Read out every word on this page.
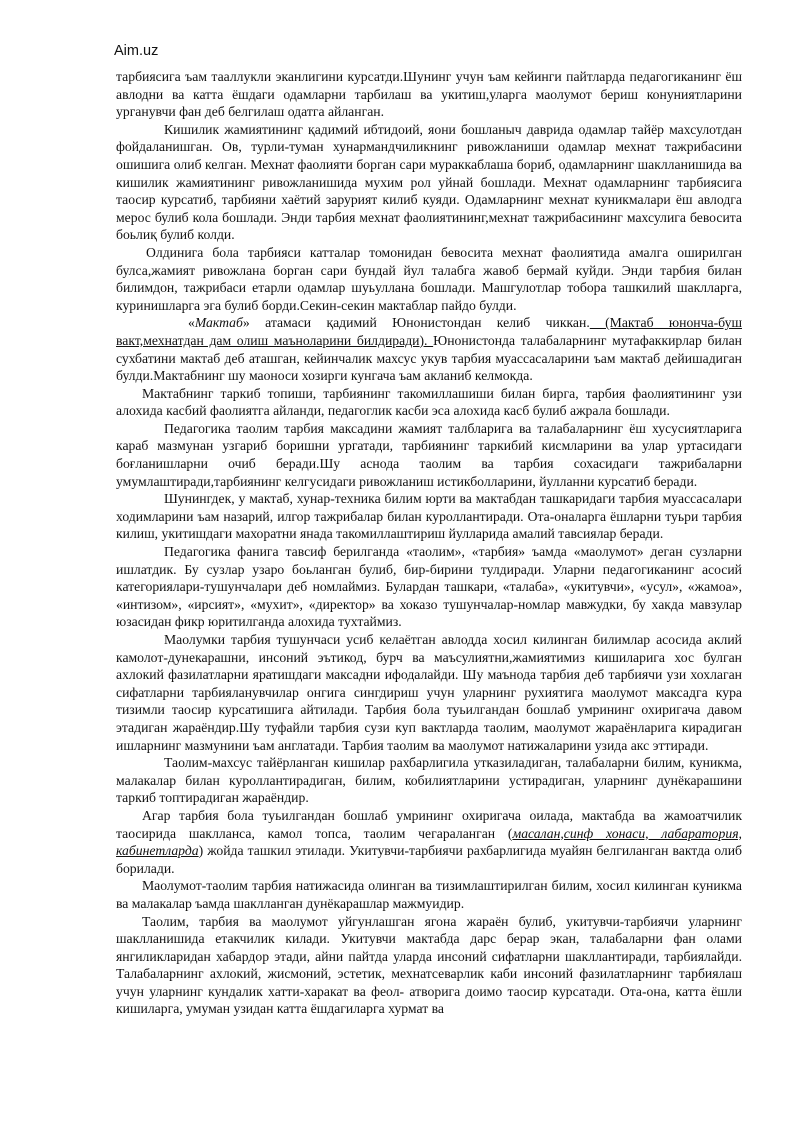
Aim.uz

тарбиясига ъам тааллукли эканлигини курсатди.Шунинг учун ъам кейинги пайтларда педагогиканинг ёш авлодни ва катта ёшдаги одамларни тарбилаш ва укитиш,уларга маолумот бериш конуниятларини урганувчи фан деб белгилаш одатга айланган.

Кишилик жамиятининг қадимий ибтидоий, яони бошланыч даврида одамлар тайёр махсулотдан фойдаланишган. Ов, турли-туман хунармандчиликнинг ривожланиши одамлар мехнат тажрибасини ошишига олиб келган. Мехнат фаолияти борган сари мураккаблаша бориб, одамларнинг шаклланишида ва кишилик жамиятининг ривожланишида мухим рол уйнай бошлади. Мехнат одамларнинг тарбиясига таосир курсатиб, тарбияни хаётий зарурият килиб куяди. Одамларнинг мехнат куникмалари ёш авлодга мерос булиб кола бошлади. Энди тарбия мехнат фаолиятининг,мехнат тажрибасининг махсулига бевосита боьлиқ булиб колди.

Олдинига бола тарбияси катталар томонидан бевосита мехнат фаолиятида амалга оширилган булса,жамият ривожлана борган сари бундай йул талабга жавоб бермай куйди. Энди тарбия билан билимдон, тажрибаси етарли одамлар шуьуллана бошлади. Машгулотлар тобора ташкилий шаклларга, куринишларга эга булиб борди.Секин-секин мактаблар пайдо булди.

«Мактаб» атамаси қадимий Юнонистондан келиб чиккан. (Мактаб юнонча-буш вакт,мехнатдан дам олиш маъноларини билдиради). Юнонистонда талабаларнинг мутафаккирлар билан сухбатини мактаб деб аташган, кейинчалик махсус укув тарбия муассасаларини ъам мактаб дейишадиган булди.Мактабнинг шу маоноси хозирги кунгача ъам акланиб келмокда.

Мактабнинг таркиб топиши, тарбиянинг такомиллашиши билан бирга, тарбия фаолиятининг узи алохида касбий фаолиятга айланди, педагоглик касби эса алохида касб булиб ажрала бошлади.

Педагогика таолим тарбия максадини жамият талбларига ва талабаларнинг ёш хусусиятларига караб мазмунан узгариб боришни ургатади, тарбиянинг таркибий кисмларини ва улар уртасидаги боғланишларни очиб беради.Шу аснода таолим ва тарбия сохасидаги тажрибаларни умумлаштиради,тарбиянинг келгусидаги ривожланиш истикболларини, йулланни курсатиб беради.

Шунингдек, у мактаб, хунар-техника билим юрти ва мактабдан ташкаридаги тарбия муассасалари ходимларини ъам назарий, илгор тажрибалар билан куроллантиради. Ота-оналарга ёшларни туьри тарбия килиш, укитишдаги махоратни янада такомиллаштириш йулларида амалий тавсиялар беради.

Педагогика фанига тавсиф берилганда «таолим», «тарбия» ъамда «маолумот» деган сузларни ишлатдик. Бу сузлар узаро боьланган булиб, бир-бирини тулдиради. Уларни педагогиканинг асосий категориялари-тушунчалари деб номлаймиз. Булардан ташкари, «талаба», «укитувчи», «усул», «жамоа», «интизом», «ирсият», «мухит», «директор» ва хоказо тушунчалар-номлар мавжудки, бу хакда мавзулар юзасидан фикр юритилганда алохида тухтаймиз.

Маолумки тарбия тушунчаси усиб келаётган авлодда хосил килинган билимлар асосида аклий камолот-дунекарашни, инсоний эътикод, бурч ва маъсулиятни,жамиятимиз кишиларига хос булган ахлокий фазилатларни яратишдаги максадни ифодалайди. Шу маънода тарбия деб тарбиячи узи хохлаган сифатларни тарбияланувчилар онгига сингдириш учун уларнинг рухиятига маолумот максадга кура тизимли таосир курсатишига айтилади. Тарбия бола туьилгандан бошлаб умрининг охиригача давом этадиган жараёндир.Шу туфайли тарбия сузи куп вактларда таолим, маолумот жараёнларига киpадиган ишларнинг мазмунини ъам англатади. Тарбия таолим ва маолумот натижаларини узида акс эттиради.

Таолим-махсус тайёрланган кишилар рахбарлигила утказиладиган, талабаларни билим, куникма, малакалар билан куроллантирадиган, билим, кобилиятларини устирадиган, уларнинг дунёкарашини таркиб топтирадиган жараёндир.

Агар тарбия бола туьилгандан бошлаб умрининг охиригача оилада, мактабда ва жамоатчилик таосирида шаклланса, камол топса, таолим чегараланган (масалан,синф хонаси, лабаратория, кабинетларда) жойда ташкил этилади. Укитувчи-тарбиячи рахбарлигида муайян белгиланган вактда олиб борилади.

Маолумот-таолим тарбия натижасида олинган ва тизимлаштирилган билим, хосил килинган куникма ва малакалар ъамда шаклланган дунёкарашлар мажмуидир.

Таолим, тарбия ва маолумот уйгунлашган ягона жараён булиб, укитувчи-тарбиячи уларнинг шаклланишида етакчилик килади. Укитувчи мактабда дарс берар экан, талабаларни фан олами янгиликларидан хабардор этади, айни пайтда уларда инсоний сифатларни шакллантиради, тарбиялайди. Талабаларнинг ахлокий, жисмоний, эстетик, мехнатсеварлик каби инсоний фазилатларнинг тарбиялаш учун уларнинг кундалик хатти-харакат ва феол- атворига доимо таосир курсатади. Ота-она, катта ёшли кишиларга, умуман узидан катта ёшдагиларга хурмат ва
